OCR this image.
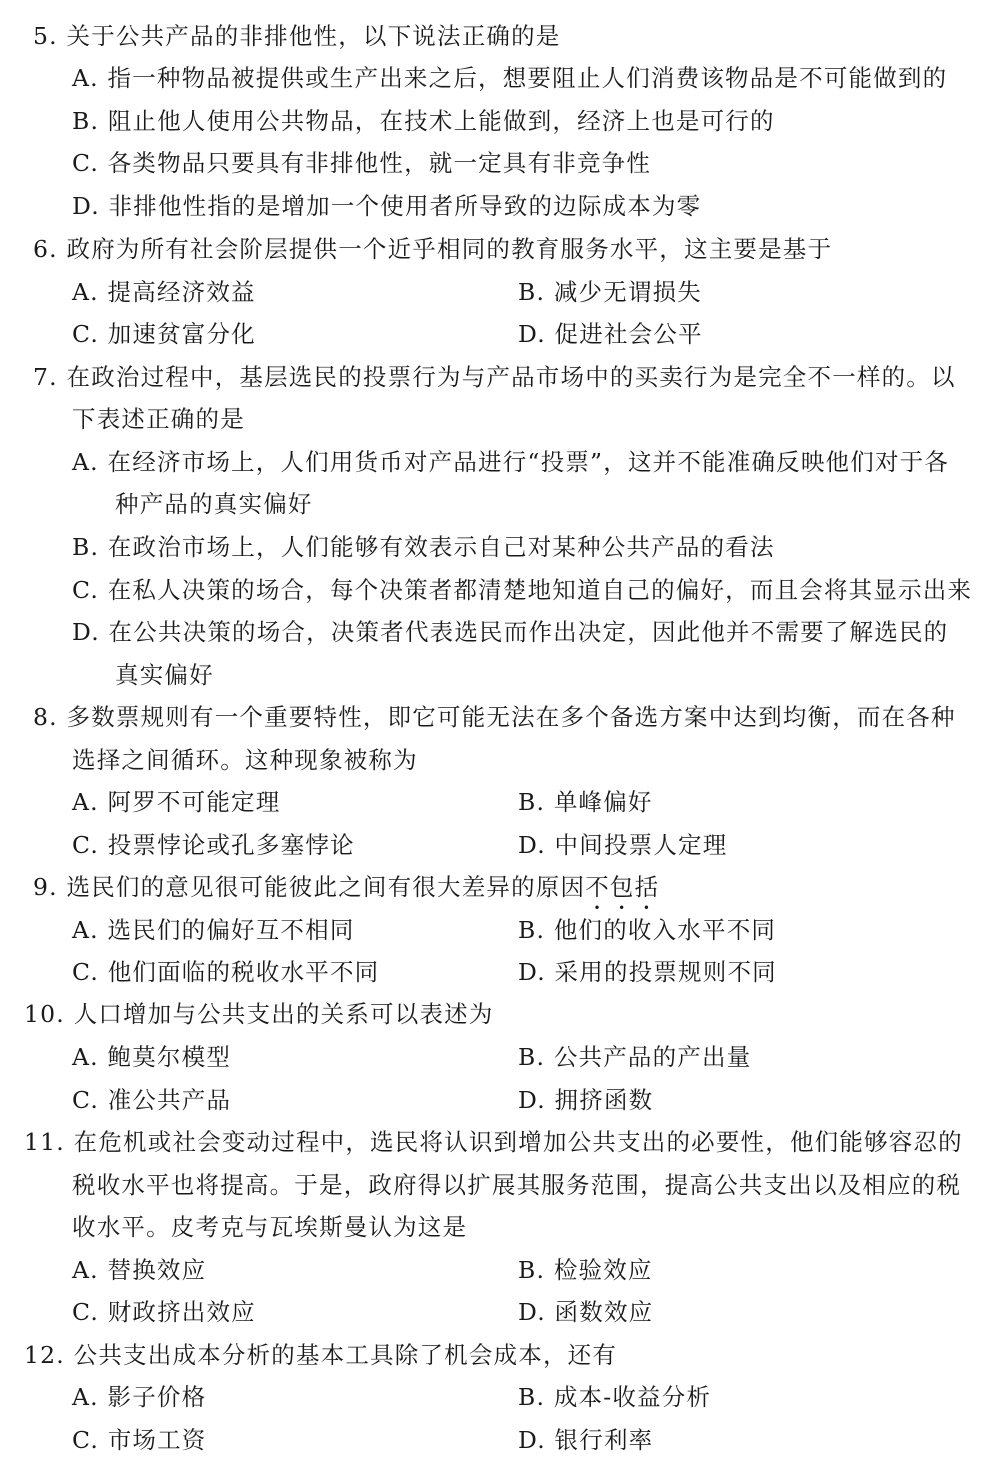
5. 关于公共产品的非排他性，以下说法正确的是
A. 指一种物品被提供或生产出来之后，想要阻止人们消费该物品是不可能做到的
B. 阻止他人使用公共物品，在技术上能做到，经济上也是可行的
C. 各类物品只要具有非排他性，就一定具有非竞争性
D. 非排他性指的是增加一个使用者所导致的边际成本为零
6. 政府为所有社会阶层提供一个近乎相同的教育服务水平，这主要是基于
A. 提高经济效益	B. 减少无谓损失
C. 加速贫富分化	D. 促进社会公平
7. 在政治过程中，基层选民的投票行为与产品市场中的买卖行为是完全不一样的。以
下表述正确的是
A. 在经济市场上，人们用货币对产品进行“投票”，这并不能准确反映他们对于各
种产品的真实偏好
B. 在政治市场上，人们能够有效表示自己对某种公共产品的看法
C. 在私人决策的场合，每个决策者都清楚地知道自己的偏好，而且会将其显示出来
D. 在公共决策的场合，决策者代表选民而作出决定，因此他并不需要了解选民的
真实偏好
8. 多数票规则有一个重要特性，即它可能无法在多个备选方案中达到均衡，而在各种
选择之间循环。这种现象被称为
A. 阿罗不可能定理	B. 单峰偏好
C. 投票悖论或孔多塞悖论	D. 中间投票人定理
9. 选民们的意见很可能彼此之间有很大差异的原因不包括
A. 选民们的偏好互不相同	B. 他们的收入水平不同
C. 他们面临的税收水平不同	D. 采用的投票规则不同
10. 人口增加与公共支出的关系可以表述为
A. 鲍莫尔模型	B. 公共产品的产出量
C. 准公共产品	D. 拥挤函数
11. 在危机或社会变动过程中，选民将认识到增加公共支出的必要性，他们能够容忍的
税收水平也将提高。于是，政府得以扩展其服务范围，提高公共支出以及相应的税
收水平。皮考克与瓦埃斯曼认为这是
A. 替换效应	B. 检验效应
C. 财政挤出效应	D. 函数效应
12. 公共支出成本分析的基本工具除了机会成本，还有
A. 影子价格	B. 成本-收益分析
C. 市场工资	D. 银行利率
